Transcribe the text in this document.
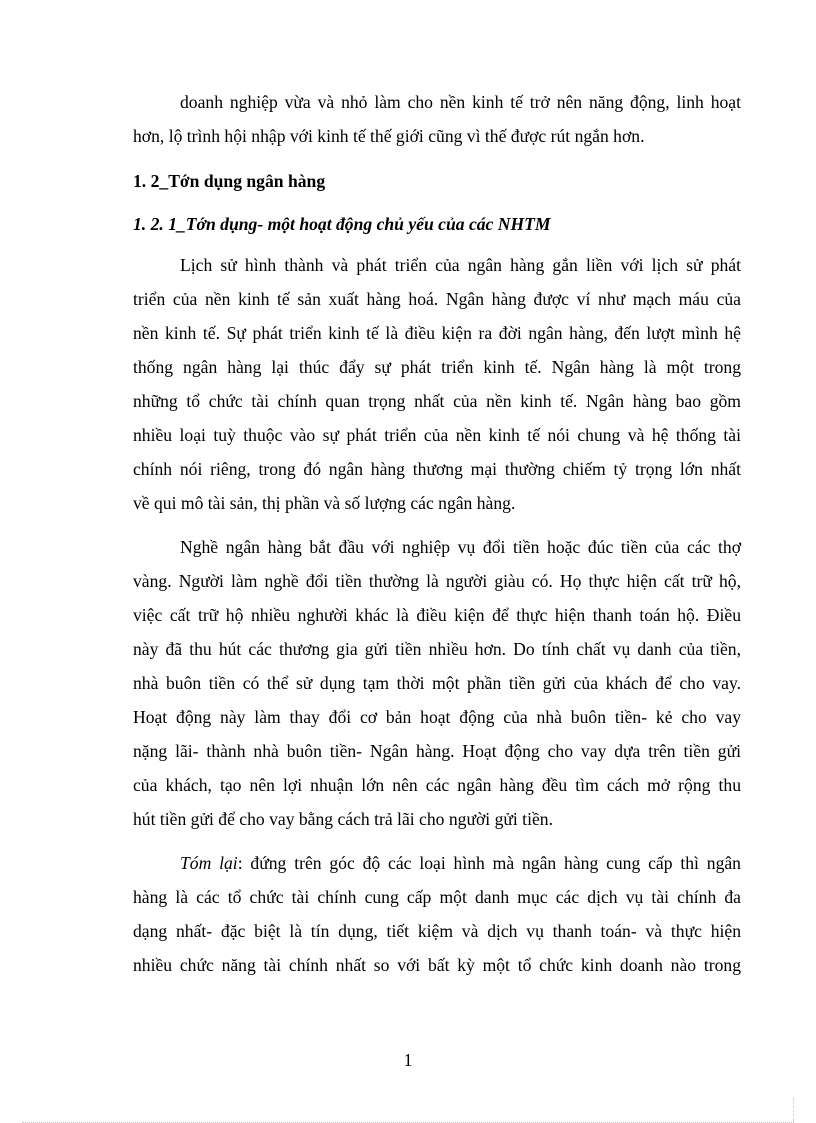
doanh nghiệp vừa và nhỏ làm cho nền kinh tế trở nên năng động, linh hoạt
hơn, lộ trình hội nhập với kinh tế thế giới cũng vì thế được rút ngắn hơn.
1. 2_Tớn dụng ngân hàng
1. 2. 1_Tớn dụng- một hoạt động chủ yếu của các NHTM
Lịch sử hình thành và phát triển của ngân hàng gắn liền với lịch sử phát
triển của nền kinh tế sản xuất hàng hoá. Ngân hàng được ví như mạch máu của
nền kinh tế. Sự phát triển kinh tế là điều kiện ra đời ngân hàng, đến lượt mình hệ
thống ngân hàng lại thúc đẩy sự phát triển kinh tế. Ngân hàng là một trong
những tổ chức tài chính quan trọng nhất của nền kinh tế. Ngân hàng bao gồm
nhiều loại tuỳ thuộc vào sự phát triển của nền kinh tế nói chung và hệ thống tài
chính nói riêng, trong đó ngân hàng thương mại thường chiếm tỷ trọng lớn nhất
về qui mô tài sản, thị phần và số lượng các ngân hàng.
Nghề ngân hàng bắt đầu với nghiệp vụ đổi tiền hoặc đúc tiền của các thợ
vàng. Người làm nghề đổi tiền thường là người giàu có. Họ thực hiện cất trữ hộ,
việc cất trữ hộ nhiều nghười khác là điều kiện để thực hiện thanh toán hộ. Điều
này đã thu hút các thương gia gửi tiền nhiều hơn. Do tính chất vụ danh của tiền,
nhà buôn tiền có thể sử dụng tạm thời một phần tiền gửi của khách để cho vay.
Hoạt động này làm thay đổi cơ bản hoạt động của nhà buôn tiền- kẻ cho vay
nặng lãi- thành nhà buôn tiền- Ngân hàng. Hoạt động cho vay dựa trên tiền gửi
của khách, tạo nên lợi nhuận lớn nên các ngân hàng đều tìm cách mở rộng thu
hút tiền gửi để cho vay bằng cách trả lãi cho người gửi tiền.
Tóm lại: đứng trên góc độ các loại hình mà ngân hàng cung cấp thì ngân
hàng là các tổ chức tài chính cung cấp một danh mục các dịch vụ tài chính đa
dạng nhất- đặc biệt là tín dụng, tiết kiệm và dịch vụ thanh toán- và thực hiện
nhiều chức năng tài chính nhất so với bất kỳ một tổ chức kinh doanh nào trong
1
